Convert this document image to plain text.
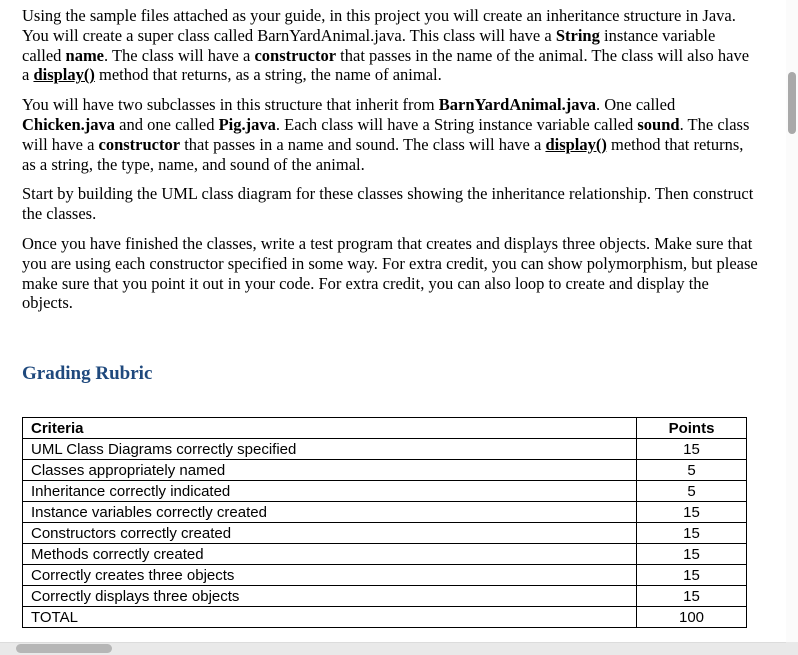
Using the sample files attached as your guide, in this project you will create an inheritance structure in Java. You will create a super class called BarnYardAnimal.java. This class will have a String instance variable called name. The class will have a constructor that passes in the name of the animal. The class will also have a display() method that returns, as a string, the name of animal.

You will have two subclasses in this structure that inherit from BarnYardAnimal.java. One called Chicken.java and one called Pig.java. Each class will have a String instance variable called sound. The class will have a constructor that passes in a name and sound. The class will have a display() method that returns, as a string, the type, name, and sound of the animal.

Start by building the UML class diagram for these classes showing the inheritance relationship. Then construct the classes.

Once you have finished the classes, write a test program that creates and displays three objects. Make sure that you are using each constructor specified in some way. For extra credit, you can show polymorphism, but please make sure that you point it out in your code. For extra credit, you can also loop to create and display the objects.

Grading Rubric
Criteria	Points
UML Class Diagrams correctly specified	15
Classes appropriately named	5
Inheritance correctly indicated	5
Instance variables correctly created	15
Constructors correctly created	15
Methods correctly created	15
Correctly creates three objects	15
Correctly displays three objects	15
TOTAL	100
